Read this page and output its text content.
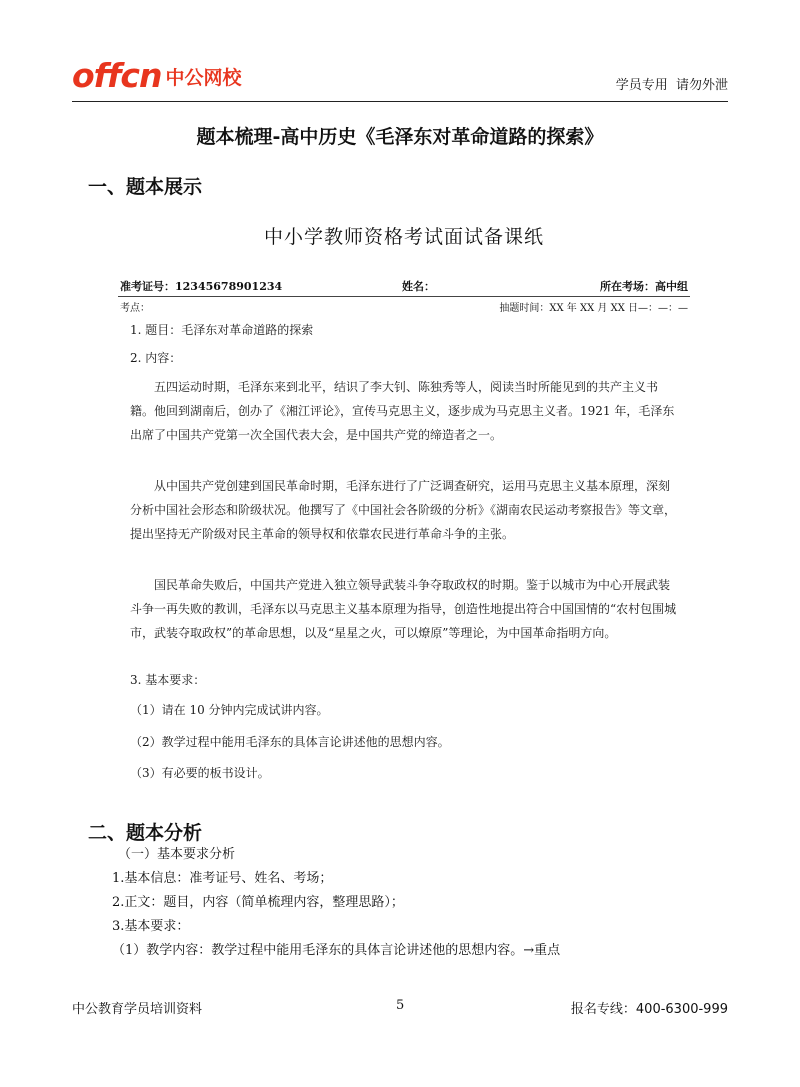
offcn 中公网校	学员专用  请勿外泄
题本梳理-高中历史《毛泽东对革命道路的探索》
一、题本展示
中小学教师资格考试面试备课纸
准考证号：12345678901234	姓名：	所在考场：高中组
考点：	抽题时间：XX 年 XX 月 XX 日—：—：—

1. 题目：毛泽东对革命道路的探索

2. 内容：

五四运动时期，毛泽东来到北平，结识了李大钊、陈独秀等人，阅读当时所能见到的共产主义书籍。他回到湖南后，创办了《湘江评论》，宣传马克思主义，逐步成为马克思主义者。1921 年，毛泽东出席了中国共产党第一次全国代表大会，是中国共产党的缔造者之一。

从中国共产党创建到国民革命时期，毛泽东进行了广泛调查研究，运用马克思主义基本原理，深刻分析中国社会形态和阶级状况。他撰写了《中国社会各阶级的分析》《湖南农民运动考察报告》等文章，提出坚持无产阶级对民主革命的领导权和依靠农民进行革命斗争的主张。

国民革命失败后，中国共产党进入独立领导武装斗争夺取政权的时期。鉴于以城市为中心开展武装斗争一再失败的教训，毛泽东以马克思主义基本原理为指导，创造性地提出符合中国国情的“农村包围城市，武装夺取政权”的革命思想，以及“星星之火，可以燎原”等理论，为中国革命指明方向。

3. 基本要求：

（1）请在 10 分钟内完成试讲内容。

（2）教学过程中能用毛泽东的具体言论讲述他的思想内容。

（3）有必要的板书设计。

二、题本分析
（一）基本要求分析
1.基本信息：准考证号、姓名、考场；
2.正文：题目，内容（简单梳理内容，整理思路）；
3.基本要求：
（1）教学内容：教学过程中能用毛泽东的具体言论讲述他的思想内容。→重点
中公教育学员培训资料	5	报名专线：400-6300-999
